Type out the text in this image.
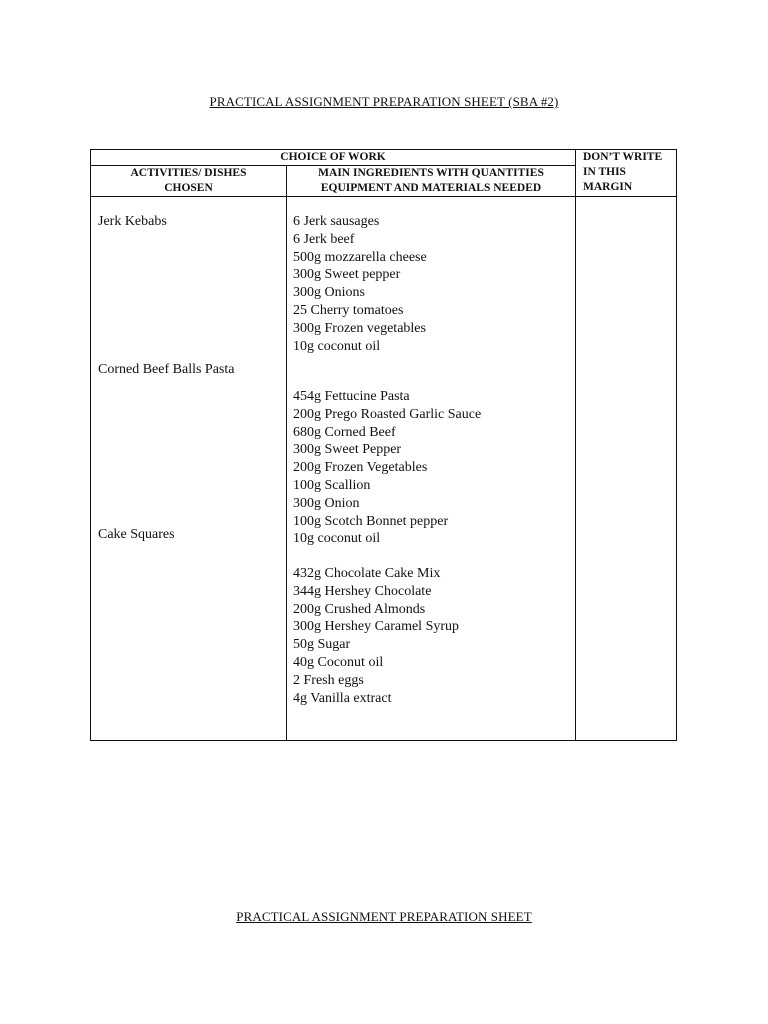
PRACTICAL ASSIGNMENT PREPARATION SHEET (SBA #2)
CHOICE OF WORK
ACTIVITIES/ DISHES
CHOSEN
MAIN INGREDIENTS WITH QUANTITIES
EQUIPMENT AND MATERIALS NEEDED
DON’T WRITE
IN THIS
MARGIN
Jerk Kebabs
Corned Beef Balls Pasta
Cake Squares
6 Jerk sausages
6 Jerk beef
500g mozzarella cheese
300g Sweet pepper
300g Onions
25 Cherry tomatoes
300g Frozen vegetables
10g coconut oil
454g Fettucine Pasta
200g Prego Roasted Garlic Sauce
680g Corned Beef
300g Sweet Pepper
200g Frozen Vegetables
100g Scallion
300g Onion
100g Scotch Bonnet pepper
10g coconut oil
432g Chocolate Cake Mix
344g Hershey Chocolate
200g Crushed Almonds
300g Hershey Caramel Syrup
50g Sugar
40g Coconut oil
2 Fresh eggs
4g Vanilla extract
PRACTICAL ASSIGNMENT PREPARATION SHEET
